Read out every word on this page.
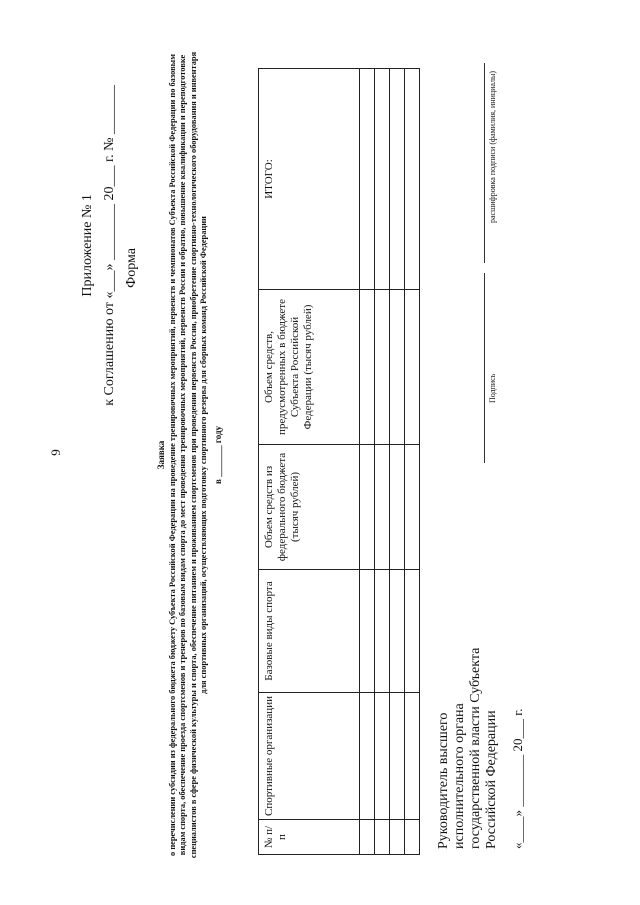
9
Приложение № 1 к Соглашению от «___» ________ 20___ г. № _______ Форма
Заявка о перечислении субсидии из федерального бюджета бюджету Субъекта Российской Федерации на проведение тренировочных мероприятий, первенств и чемпионатов Субъекта Российской Федерации по базовым видам спорта, обеспечение проезда спортсменов и тренеров по базовым видам спорта до мест проведения тренировочных мероприятий, первенств России и обратно, повышение квалификации и переподготовке специалистов в сфере физической культуры и спорта, обеспечение питанием и проживанием спортсменов при проведении первенств России, приобретение спортивно-технологического оборудования и инвентаря для спортивных организаций, осуществляющих подготовку спортивного резерва для сборных команд Российской Федерации в _______ году
№ п/п	Спортивные организации	Базовые виды спорта	Объем средств из федерального бюджета (тысяч рублей)	Объем средств, предусмотренных в бюджете Субъекта Российской Федерации (тысяч рублей)	ИТОГО:

Руководитель высшего исполнительного органа государственной власти Субъекта Российской Федерации «____» ________ 20___ г.
Подпись
расшифровка подписи (фамилия, инициалы)
